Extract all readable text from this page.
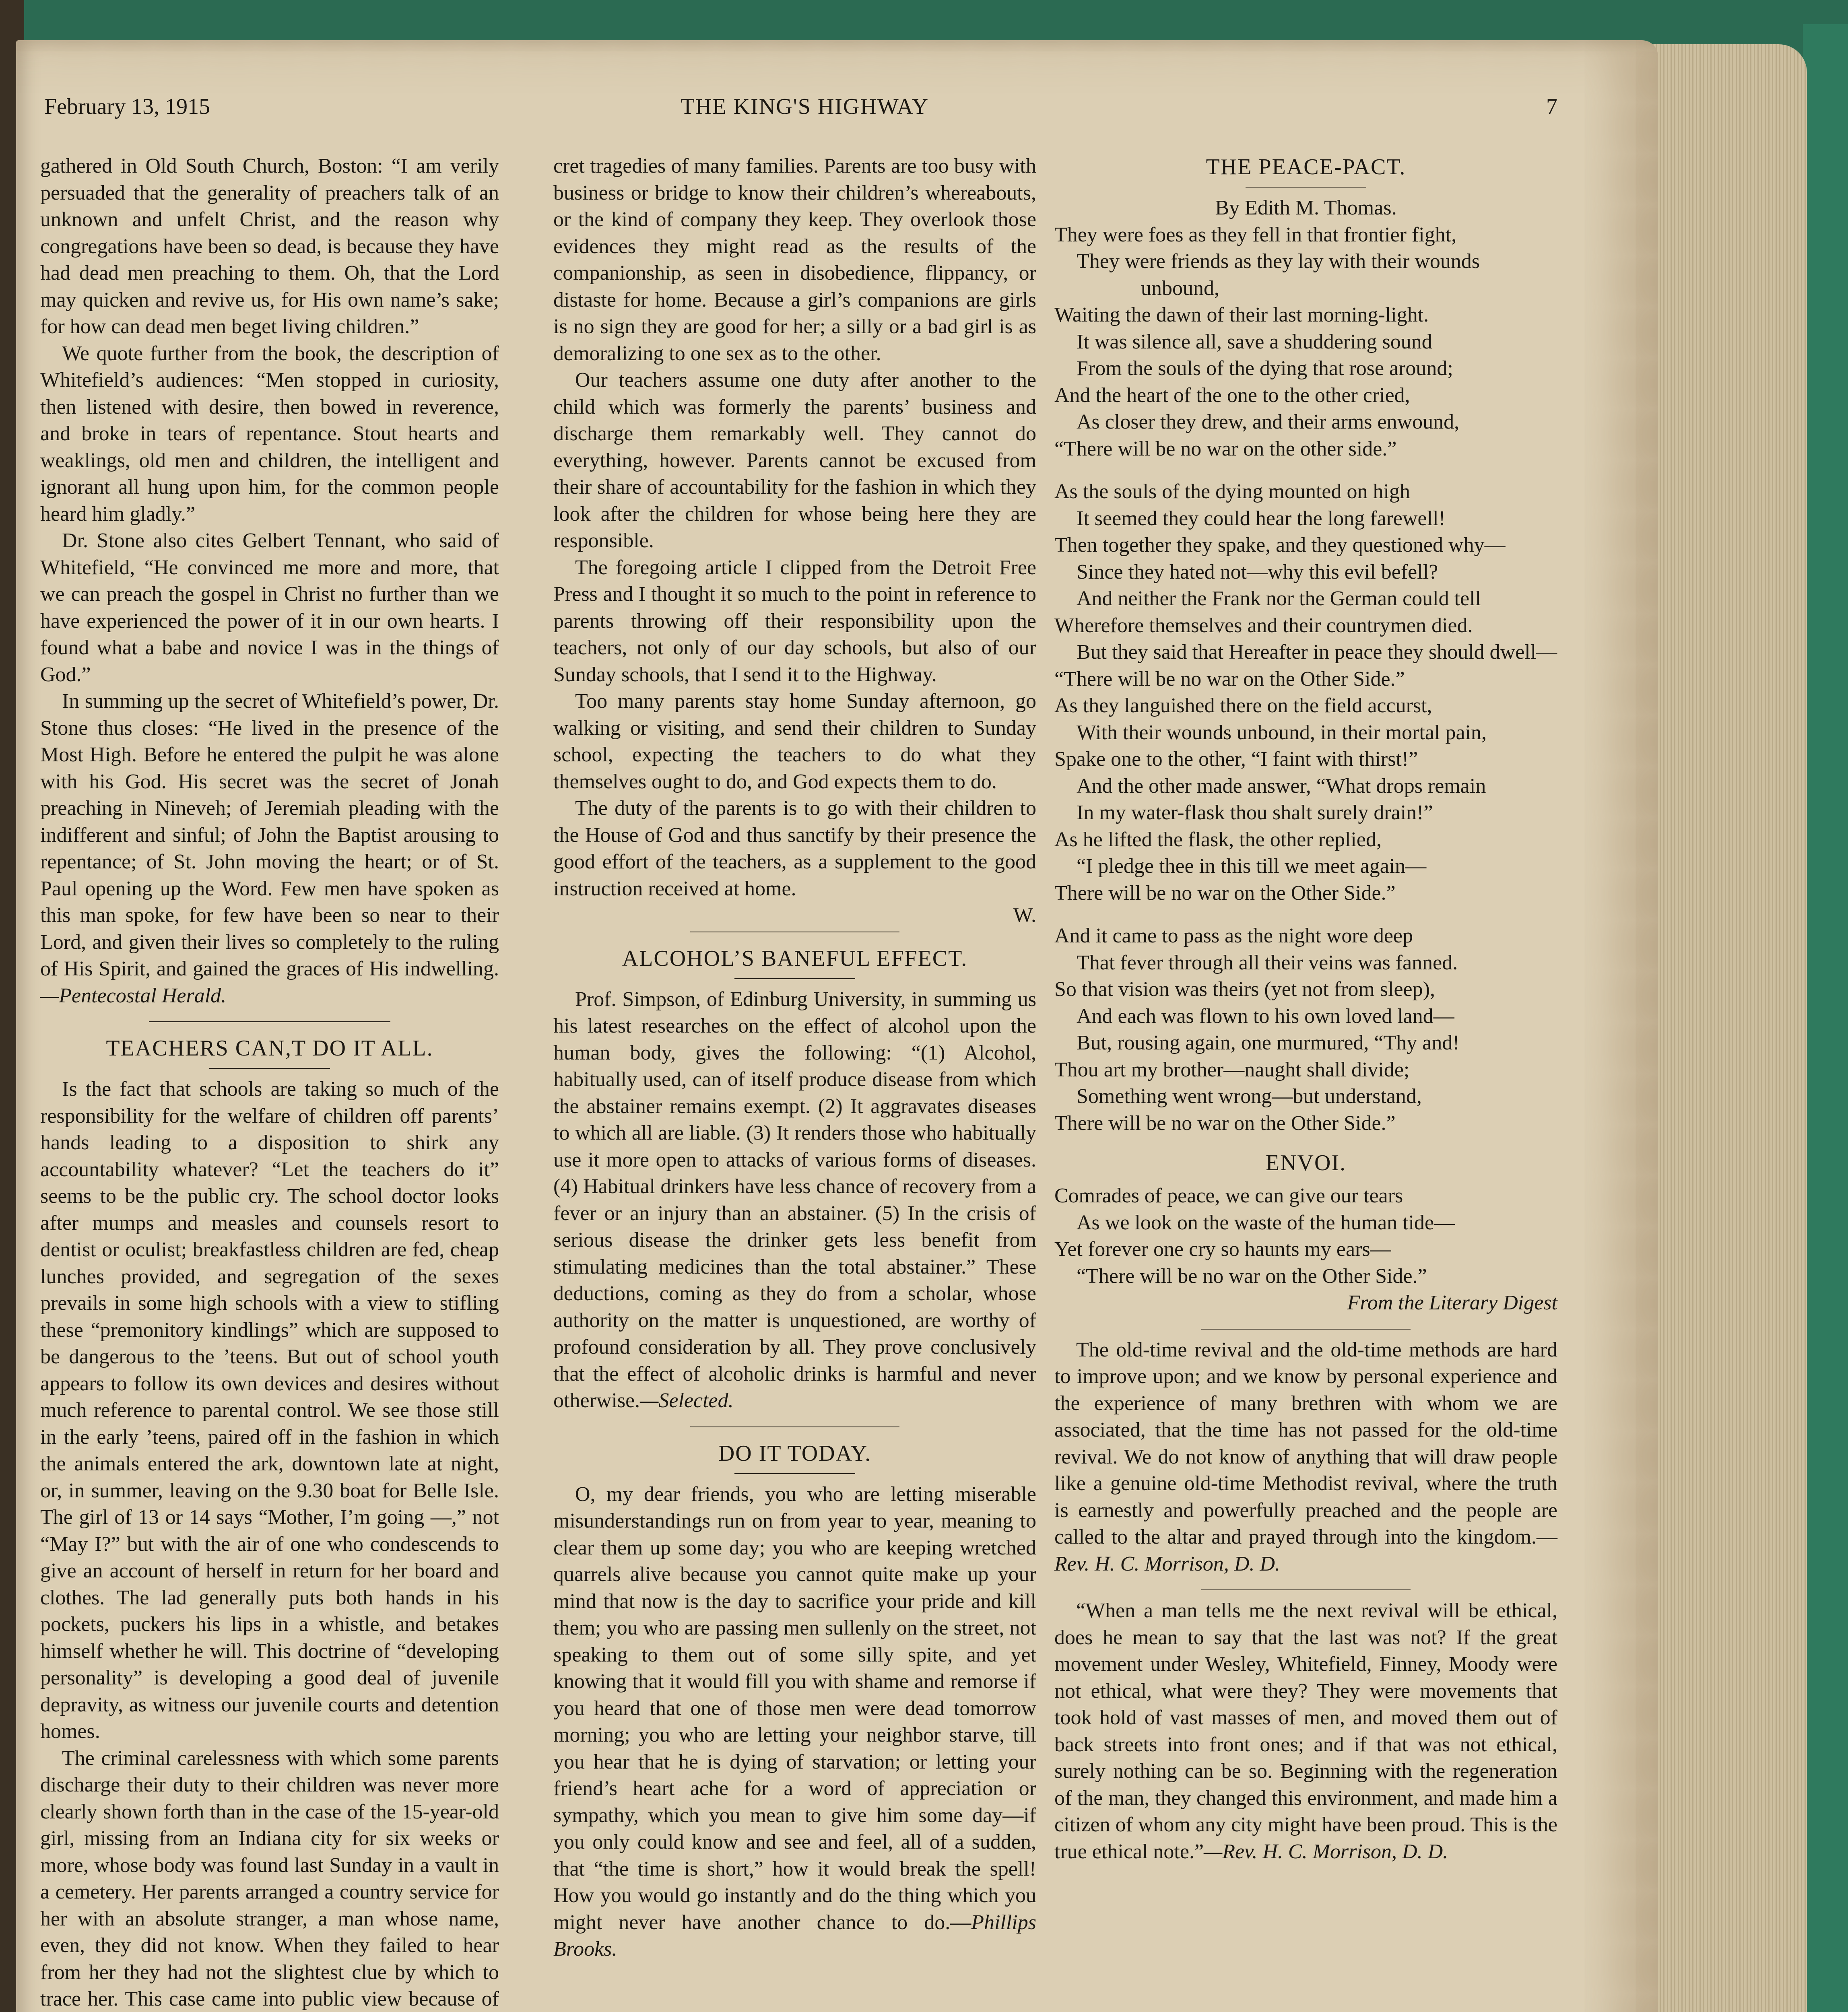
February 13, 1915	THE KING'S HIGHWAY	7

gathered in Old South Church, Boston: “I am verily persuaded that the generality of preachers talk of an unknown and unfelt Christ, and the reason why congregations have been so dead, is because they have had dead men preaching to them. Oh, that the Lord may quicken and revive us, for His own name’s sake; for how can dead men beget living children.”

We quote further from the book, the description of Whitefield’s audiences: “Men stopped in curiosity, then listened with desire, then bowed in reverence, and broke in tears of repentance. Stout hearts and weaklings, old men and children, the intelligent and ignorant all hung upon him, for the common people heard him gladly.”

Dr. Stone also cites Gelbert Tennant, who said of Whitefield, “He convinced me more and more, that we can preach the gospel in Christ no further than we have experienced the power of it in our own hearts. I found what a babe and novice I was in the things of God.”

In summing up the secret of Whitefield’s power, Dr. Stone thus closes: “He lived in the presence of the Most High. Before he entered the pulpit he was alone with his God. His secret was the secret of Jonah preaching in Nineveh; of Jeremiah pleading with the indifferent and sinful; of John the Baptist arousing to repentance; of St. John moving the heart; or of St. Paul opening up the Word. Few men have spoken as this man spoke, for few have been so near to their Lord, and given their lives so completely to the ruling of His Spirit, and gained the graces of His indwelling. —Pentecostal Herald.

TEACHERS CAN,T DO IT ALL.

Is the fact that schools are taking so much of the responsibility for the welfare of children off parents’ hands leading to a disposition to shirk any accountability whatever? “Let the teachers do it” seems to be the public cry. The school doctor looks after mumps and measles and counsels resort to dentist or oculist; breakfastless children are fed, cheap lunches provided, and segregation of the sexes prevails in some high schools with a view to stifling these “premonitory kindlings” which are supposed to be dangerous to the ’teens. But out of school youth appears to follow its own devices and desires without much reference to parental control. We see those still in the early ’teens, paired off in the fashion in which the animals entered the ark, downtown late at night, or, in summer, leaving on the 9.30 boat for Belle Isle. The girl of 13 or 14 says “Mother, I’m going —,” not “May I?” but with the air of one who condescends to give an account of herself in return for her board and clothes. The lad generally puts both hands in his pockets, puckers his lips in a whistle, and betakes himself whether he will. This doctrine of “developing personality” is developing a good deal of juvenile depravity, as witness our juvenile courts and detention homes.

The criminal carelessness with which some parents discharge their duty to their children was never more clearly shown forth than in the case of the 15-year-old girl, missing from an Indiana city for six weeks or more, whose body was found last Sunday in a vault in a cemetery. Her parents arranged a country service for her with an absolute stranger, a man whose name, even, they did not know. When they failed to hear from her they had not the slightest clue by which to trace her. This case came into public view because of

cret tragedies of many families. Parents are too busy with business or bridge to know their children’s whereabouts, or the kind of company they keep. They overlook those evidences they might read as the results of the companionship, as seen in disobedience, flippancy, or distaste for home. Because a girl’s companions are girls is no sign they are good for her; a silly or a bad girl is as demoralizing to one sex as to the other.

Our teachers assume one duty after another to the child which was formerly the parents’ business and discharge them remarkably well. They cannot do everything, however. Parents cannot be excused from their share of accountability for the fashion in which they look after the children for whose being here they are responsible.

The foregoing article I clipped from the Detroit Free Press and I thought it so much to the point in reference to parents throwing off their responsibility upon the teachers, not only of our day schools, but also of our Sunday schools, that I send it to the Highway.

Too many parents stay home Sunday afternoon, go walking or visiting, and send their children to Sunday school, expecting the teachers to do what they themselves ought to do, and God expects them to do.

The duty of the parents is to go with their children to the House of God and thus sanctify by their presence the good effort of the teachers, as a supplement to the good instruction received at home.

W.

ALCOHOL’S BANEFUL EFFECT.

Prof. Simpson, of Edinburg University, in summing us his latest researches on the effect of alcohol upon the human body, gives the following: “(1) Alcohol, habitually used, can of itself produce disease from which the abstainer remains exempt. (2) It aggravates diseases to which all are liable. (3) It renders those who habitually use it more open to attacks of various forms of diseases. (4) Habitual drinkers have less chance of recovery from a fever or an injury than an abstainer. (5) In the crisis of serious disease the drinker gets less benefit from stimulating medicines than the total abstainer.” These deductions, coming as they do from a scholar, whose authority on the matter is unquestioned, are worthy of profound consideration by all. They prove conclusively that the effect of alcoholic drinks is harmful and never otherwise.—Selected.

DO IT TODAY.

O, my dear friends, you who are letting miserable misunderstandings run on from year to year, meaning to clear them up some day; you who are keeping wretched quarrels alive because you cannot quite make up your mind that now is the day to sacrifice your pride and kill them; you who are passing men sullenly on the street, not speaking to them out of some silly spite, and yet knowing that it would fill you with shame and remorse if you heard that one of those men were dead tomorrow morning; you who are letting your neighbor starve, till you hear that he is dying of starvation; or letting your friend’s heart ache for a word of appreciation or sympathy, which you mean to give him some day—if you only could know and see and feel, all of a sudden, that “the time is short,” how it would break the spell! How you would go instantly and do the thing which you might never have another chance to do.—Phillips Brooks.

THE PEACE-PACT.
By Edith M. Thomas.
They were foes as they fell in that frontier fight,
They were friends as they lay with their wounds unbound,
Waiting the dawn of their last morning-light.
It was silence all, save a shuddering sound
From the souls of the dying that rose around;
And the heart of the one to the other cried,
As closer they drew, and their arms enwound,
“There will be no war on the other side.”
As the souls of the dying mounted on high
It seemed they could hear the long farewell!
Then together they spake, and they questioned why—
Since they hated not—why this evil befell?
And neither the Frank nor the German could tell
Wherefore themselves and their countrymen died.
But they said that Hereafter in peace they should dwell—
“There will be no war on the Other Side.”
As they languished there on the field accurst,
With their wounds unbound, in their mortal pain,
Spake one to the other, “I faint with thirst!”
And the other made answer, “What drops remain
In my water-flask thou shalt surely drain!”
As he lifted the flask, the other replied,
“I pledge thee in this till we meet again—
There will be no war on the Other Side.”
And it came to pass as the night wore deep
That fever through all their veins was fanned.
So that vision was theirs (yet not from sleep),
And each was flown to his own loved land—
But, rousing again, one murmured, “Thy and!
Thou art my brother—naught shall divide;
Something went wrong—but understand,
There will be no war on the Other Side.”
ENVOI.
Comrades of peace, we can give our tears
As we look on the waste of the human tide—
Yet forever one cry so haunts my ears—
“There will be no war on the Other Side.”
From the Literary Digest

The old-time revival and the old-time methods are hard to improve upon; and we know by personal experience and the experience of many brethren with whom we are associated, that the time has not passed for the old-time revival. We do not know of anything that will draw people like a genuine old-time Methodist revival, where the truth is earnestly and powerfully preached and the people are called to the altar and prayed through into the kingdom.—Rev. H. C. Morrison, D. D.

“When a man tells me the next revival will be ethical, does he mean to say that the last was not? If the great movement under Wesley, Whitefield, Finney, Moody were not ethical, what were they? They were movements that took hold of vast masses of men, and moved them out of back streets into front ones; and if that was not ethical, surely nothing can be so. Beginning with the regeneration of the man, they changed this environment, and made him a citizen of whom any city might have been proud. This is the true ethical note.”—Rev. H. C. Morrison, D. D.
